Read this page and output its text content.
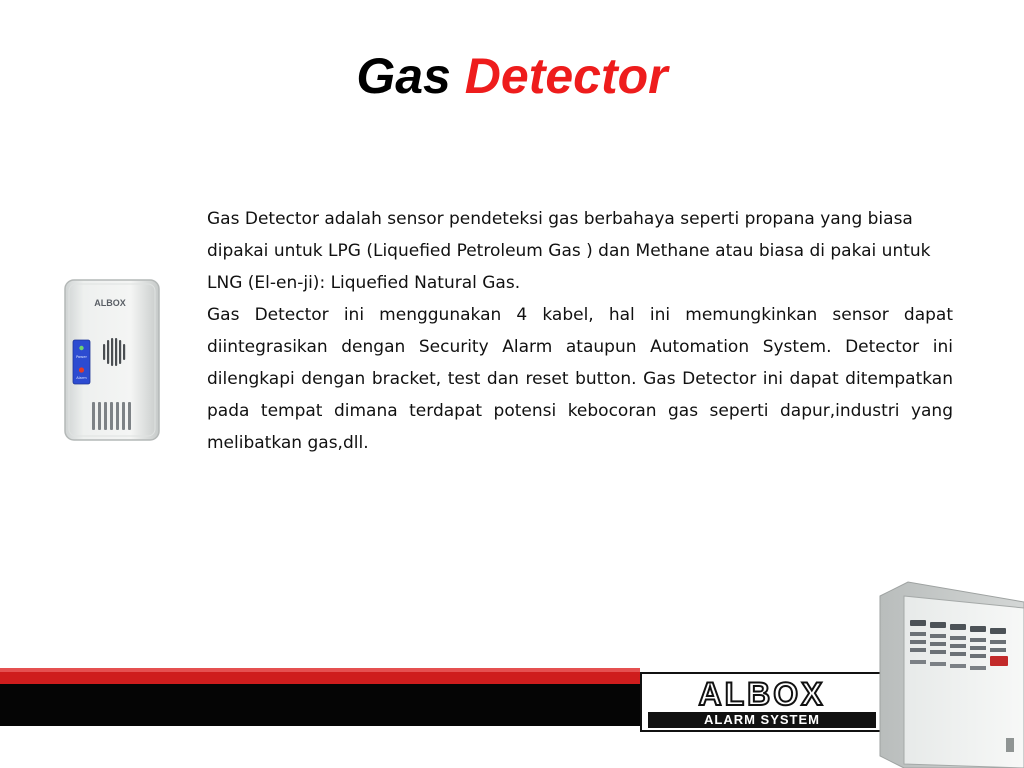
Gas Detector

Gas Detector adalah sensor pendeteksi gas berbahaya seperti propana yang biasa dipakai untuk LPG (Liquefied Petroleum Gas ) dan Methane atau biasa di pakai untuk LNG (El-en-ji): Liquefied Natural Gas.

Gas Detector ini menggunakan 4 kabel, hal ini memungkinkan sensor dapat diintegrasikan dengan Security Alarm ataupun Automation System. Detector ini dilengkapi dengan bracket, test dan reset button. Gas Detector ini dapat ditempatkan pada tempat dimana terdapat potensi kebocoran gas seperti dapur,industri yang melibatkan gas,dll.

ALBOX
Power
Alarm
ALBOX
ALARM SYSTEM
